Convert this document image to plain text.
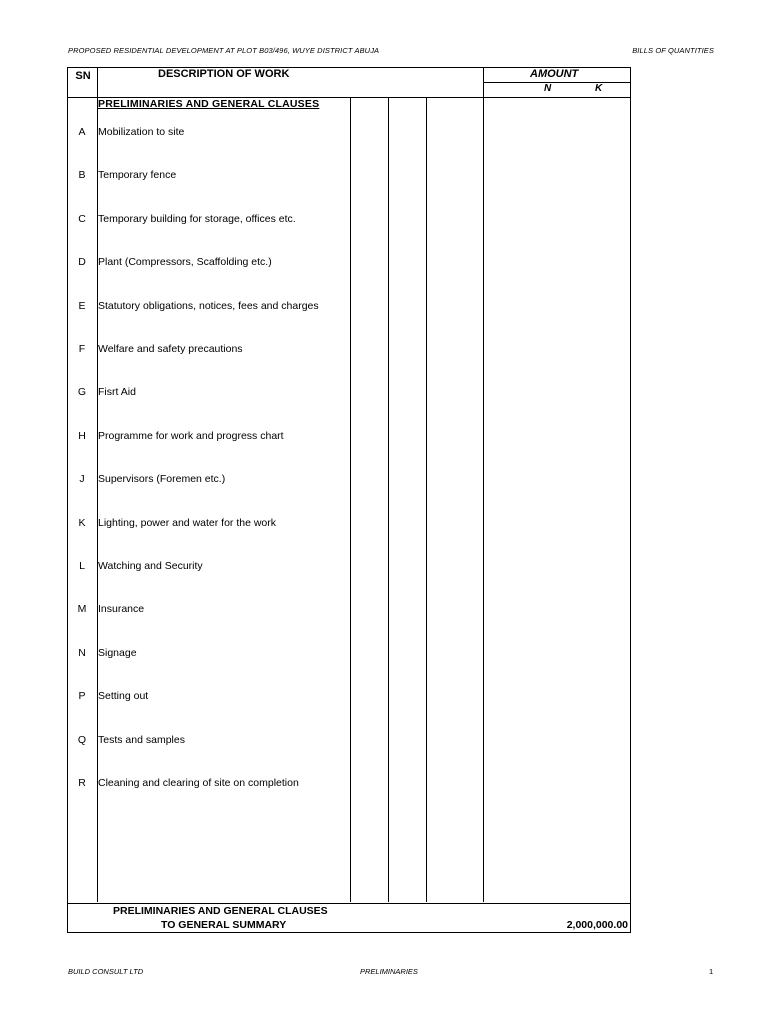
PROPOSED RESIDENTIAL DEVELOPMENT AT PLOT B03/496, WUYE DISTRICT ABUJA	BILLS OF QUANTITIES
SN	DESCRIPTION OF WORK	AMOUNT
N	K
PRELIMINARIES AND GENERAL CLAUSES
A	Mobilization to site
B	Temporary fence
C	Temporary building for storage, offices etc.
D	Plant (Compressors, Scaffolding etc.)
E	Statutory obligations, notices, fees and charges
F	Welfare and safety precautions
G	Fisrt Aid
H	Programme for work and progress chart
J	Supervisors (Foremen etc.)
K	Lighting, power and water for the work
L	Watching and Security
M	Insurance
N	Signage
P	Setting out
Q	Tests and samples
R	Cleaning and clearing of site on completion
PRELIMINARIES AND GENERAL CLAUSES
TO GENERAL SUMMARY	2,000,000.00
BUILD CONSULT LTD	PRELIMINARIES	1
